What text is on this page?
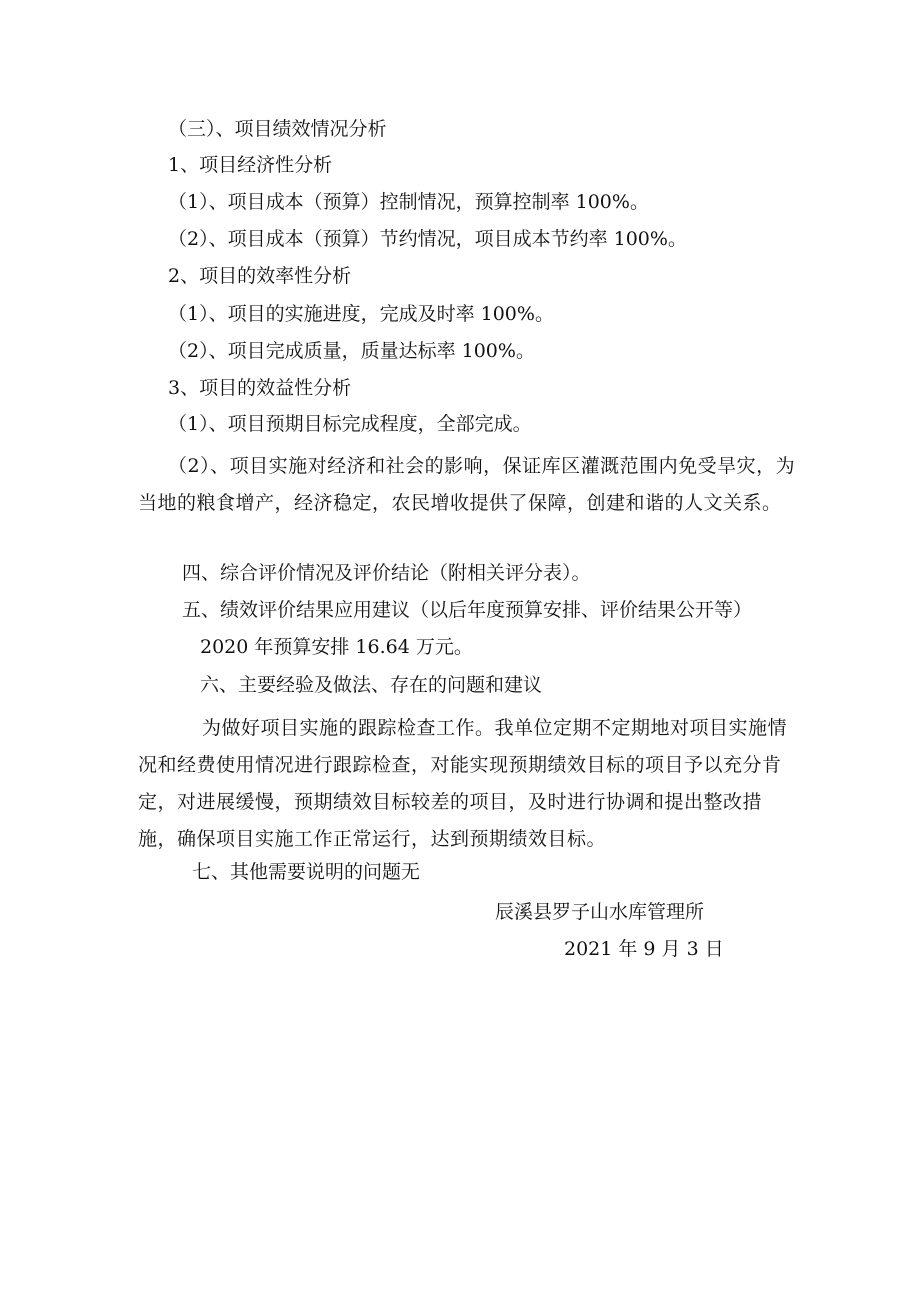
（三）、项目绩效情况分析

1、项目经济性分析

（1）、项目成本（预算）控制情况，预算控制率 100%。

（2）、项目成本（预算）节约情况，项目成本节约率 100%。

2、项目的效率性分析

（1）、项目的实施进度，完成及时率 100%。

（2）、项目完成质量，质量达标率 100%。

3、项目的效益性分析

（1）、项目预期目标完成程度，全部完成。

（2）、项目实施对经济和社会的影响，保证库区灌溉范围内免受旱灾，为当地的粮食增产，经济稳定，农民增收提供了保障，创建和谐的人文关系。

四、综合评价情况及评价结论（附相关评分表）。

五、绩效评价结果应用建议（以后年度预算安排、评价结果公开等）

2020 年预算安排 16.64 万元。

六、主要经验及做法、存在的问题和建议

为做好项目实施的跟踪检查工作。我单位定期不定期地对项目实施情况和经费使用情况进行跟踪检查，对能实现预期绩效目标的项目予以充分肯定，对进展缓慢，预期绩效目标较差的项目，及时进行协调和提出整改措施，确保项目实施工作正常运行，达到预期绩效目标。

七、其他需要说明的问题无

辰溪县罗子山水库管理所

2021 年 9 月 3 日
